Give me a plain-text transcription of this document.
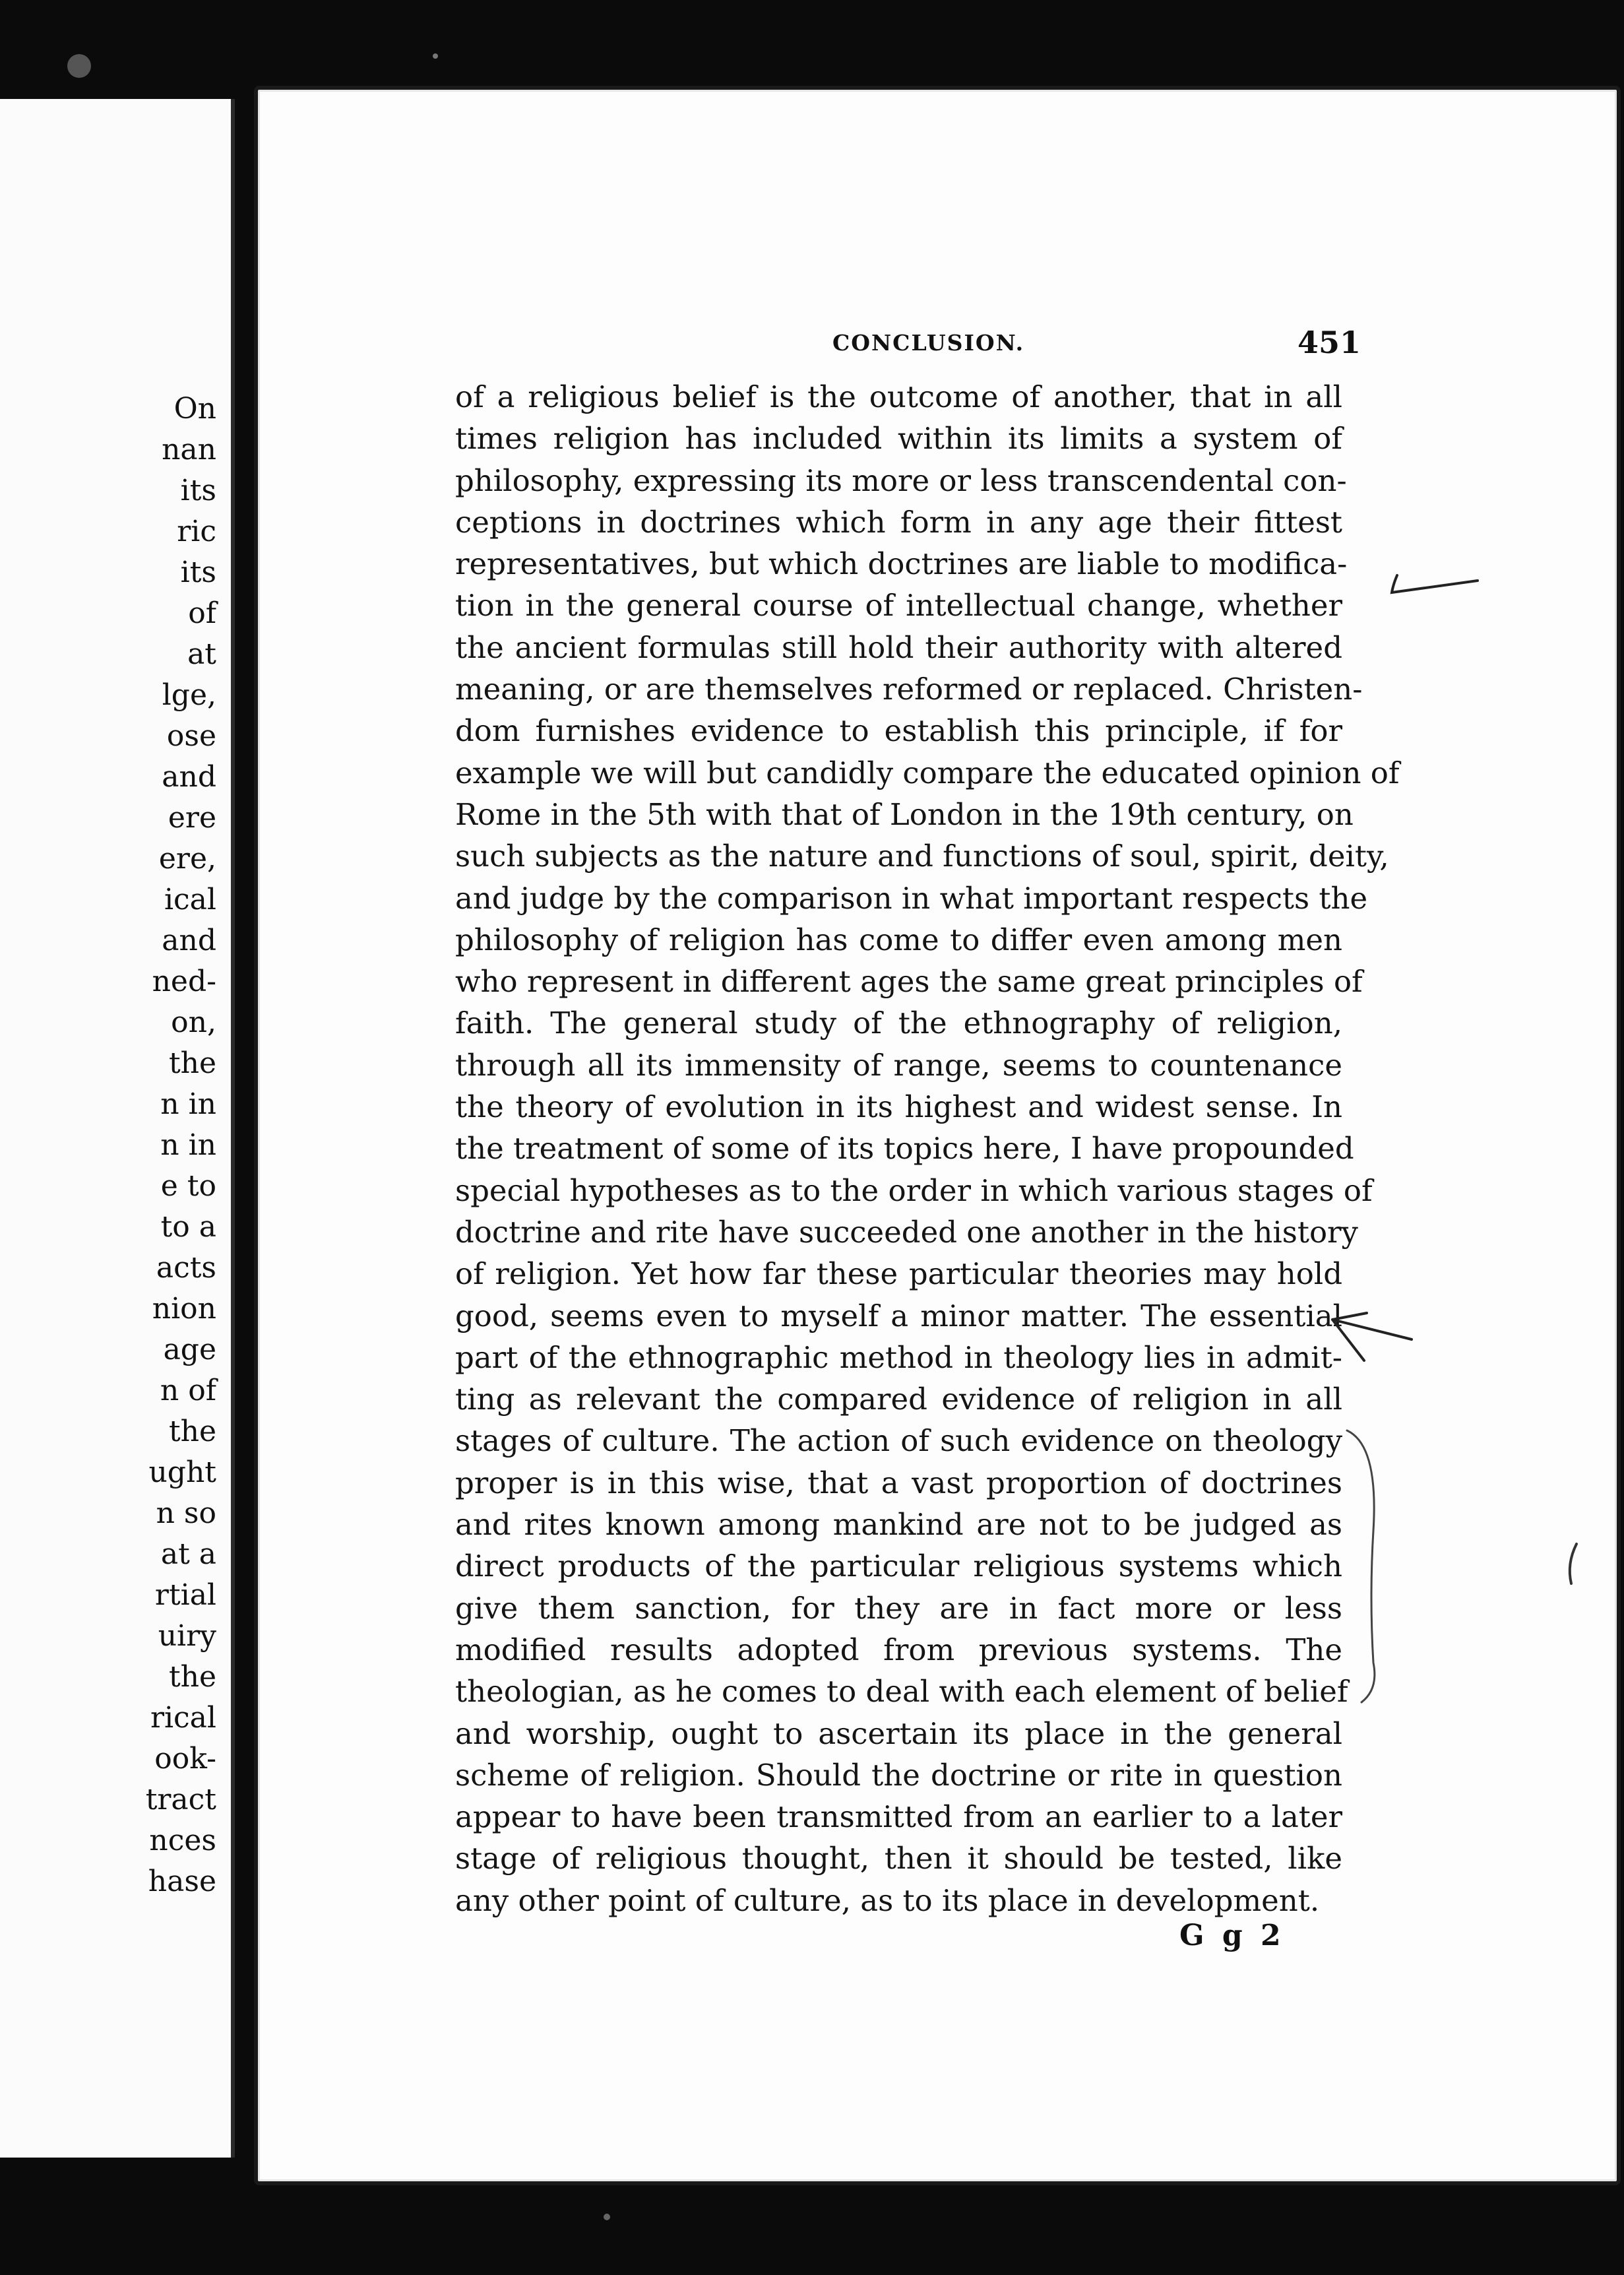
On
nan
its
ric
its
of
at
lge,
ose
and
ere
ere,
ical
and
ned-
on,
the
n in
n in
e to
to a
acts
nion
age
n of
the
ught
n so
at a
rtial
uiry
the
rical
ook-
tract
nces
hase
CONCLUSION.	451
of a religious belief is the outcome of another, that in all
times religion has included within its limits a system of
philosophy, expressing its more or less transcendental con-
ceptions in doctrines which form in any age their fittest
representatives, but which doctrines are liable to modifica-
tion in the general course of intellectual change, whether
the ancient formulas still hold their authority with altered
meaning, or are themselves reformed or replaced. Christen-
dom furnishes evidence to establish this principle, if for
example we will but candidly compare the educated opinion of
Rome in the 5th with that of London in the 19th century, on
such subjects as the nature and functions of soul, spirit, deity,
and judge by the comparison in what important respects the
philosophy of religion has come to differ even among men
who represent in different ages the same great principles of
faith. The general study of the ethnography of religion,
through all its immensity of range, seems to countenance
the theory of evolution in its highest and widest sense. In
the treatment of some of its topics here, I have propounded
special hypotheses as to the order in which various stages of
doctrine and rite have succeeded one another in the history
of religion. Yet how far these particular theories may hold
good, seems even to myself a minor matter. The essential
part of the ethnographic method in theology lies in admit-
ting as relevant the compared evidence of religion in all
stages of culture. The action of such evidence on theology
proper is in this wise, that a vast proportion of doctrines
and rites known among mankind are not to be judged as
direct products of the particular religious systems which
give them sanction, for they are in fact more or less
modified results adopted from previous systems. The
theologian, as he comes to deal with each element of belief
and worship, ought to ascertain its place in the general
scheme of religion. Should the doctrine or rite in question
appear to have been transmitted from an earlier to a later
stage of religious thought, then it should be tested, like
any other point of culture, as to its place in development.
G g 2
